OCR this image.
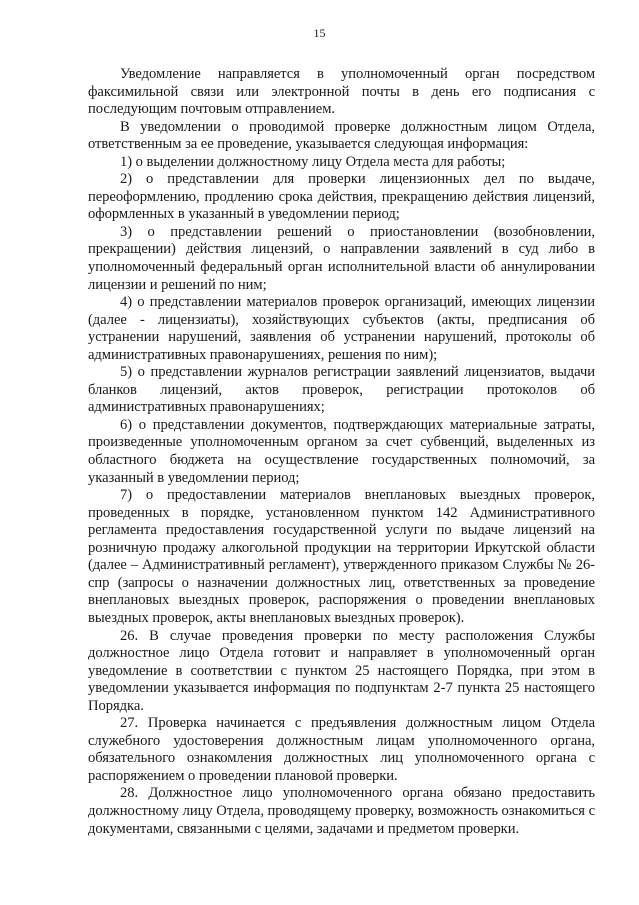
15

Уведомление направляется в уполномоченный орган посредством факсимильной связи или электронной почты в день его подписания с последующим почтовым отправлением.

В уведомлении о проводимой проверке должностным лицом Отдела, ответственным за ее проведение, указывается следующая информация:

1) о выделении должностному лицу Отдела места для работы;

2) о представлении для проверки лицензионных дел по выдаче, переоформлению, продлению срока действия, прекращению действия лицензий, оформленных в указанный в уведомлении период;

3) о представлении решений о приостановлении (возобновлении, прекращении) действия лицензий, о направлении заявлений в суд либо в уполномоченный федеральный орган исполнительной власти об аннулировании лицензии и решений по ним;

4) о представлении материалов проверок организаций, имеющих лицензии (далее - лицензиаты), хозяйствующих субъектов (акты, предписания об устранении нарушений, заявления об устранении нарушений, протоколы об административных правонарушениях, решения по ним);

5) о представлении журналов регистрации заявлений лицензиатов, выдачи бланков лицензий, актов проверок, регистрации протоколов об административных правонарушениях;

6) о представлении документов, подтверждающих материальные затраты, произведенные уполномоченным органом за счет субвенций, выделенных из областного бюджета на осуществление государственных полномочий, за указанный в уведомлении период;

7) о предоставлении материалов внеплановых выездных проверок, проведенных в порядке, установленном пунктом 142 Административного регламента предоставления государственной услуги по выдаче лицензий на розничную продажу алкогольной продукции на территории Иркутской области (далее – Административный регламент), утвержденного приказом Службы № 26-спр (запросы о назначении должностных лиц, ответственных за проведение внеплановых выездных проверок, распоряжения о проведении внеплановых выездных проверок, акты внеплановых выездных проверок).

26. В случае проведения проверки по месту расположения Службы должностное лицо Отдела готовит и направляет в уполномоченный орган уведомление в соответствии с пунктом 25 настоящего Порядка, при этом в уведомлении указывается информация по подпунктам 2-7 пункта 25 настоящего Порядка.

27. Проверка начинается с предъявления должностным лицом Отдела служебного удостоверения должностным лицам уполномоченного органа, обязательного ознакомления должностных лиц уполномоченного органа с распоряжением о проведении плановой проверки.

28. Должностное лицо уполномоченного органа обязано предоставить должностному лицу Отдела, проводящему проверку, возможность ознакомиться с документами, связанными с целями, задачами и предметом проверки.
